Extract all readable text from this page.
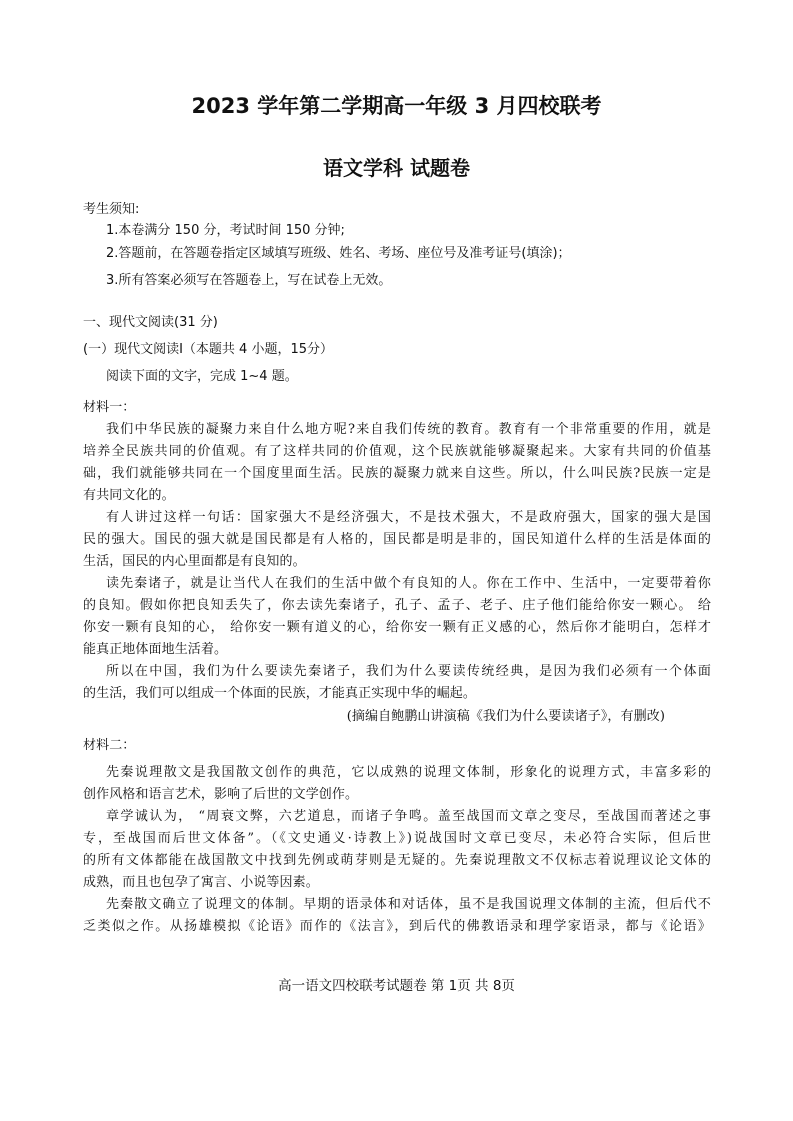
2023 学年第二学期高一年级 3 月四校联考
语文学科 试题卷
考生须知:
1.本卷满分 150 分，考试时间 150 分钟;
2.答题前，在答题卷指定区域填写班级、姓名、考场、座位号及准考证号(填涂)；
3.所有答案必须写在答题卷上，写在试卷上无效。
一、现代文阅读(31 分)
(一）现代文阅读Ⅰ（本题共 4 小题，15分）
阅读下面的文字，完成 1~4 题。
材料一：
我们中华民族的凝聚力来自什么地方呢?来自我们传统的教育。教育有一个非常重要的作用，就是
培养全民族共同的价值观。有了这样共同的价值观，这个民族就能够凝聚起来。大家有共同的价值基
础，我们就能够共同在一个国度里面生活。民族的凝聚力就来自这些。所以，什么叫民族?民族一定是
有共同文化的。
有人讲过这样一句话：国家强大不是经济强大，不是技术强大，不是政府强大，国家的强大是国
民的强大。国民的强大就是国民都是有人格的，国民都是明是非的，国民知道什么样的生活是体面的
生活，国民的内心里面都是有良知的。
读先秦诸子，就是让当代人在我们的生活中做个有良知的人。你在工作中、生活中，一定要带着你
的良知。假如你把良知丢失了，你去读先秦诸子，孔子、孟子、老子、庄子他们能给你安一颗心。 给
你安一颗有良知的心， 给你安一颗有道义的心，给你安一颗有正义感的心，然后你才能明白，怎样才
能真正地体面地生活着。
所以在中国，我们为什么要读先秦诸子，我们为什么要读传统经典，是因为我们必须有一个体面
的生活，我们可以组成一个体面的民族，才能真正实现中华的崛起。
(摘编自鲍鹏山讲演稿《我们为什么要读诸子》，有删改)
材料二：
先秦说理散文是我国散文创作的典范，它以成熟的说理文体制，形象化的说理方式，丰富多彩的
创作风格和语言艺术，影响了后世的文学创作。
章学诚认为， “周衰文弊，六艺道息，而诸子争鸣。盖至战国而文章之变尽，至战国而著述之事
专，至战国而后世文体备”。（《文史通义·诗教上》)说战国时文章已变尽，未必符合实际，但后世
的所有文体都能在战国散文中找到先例或萌芽则是无疑的。先秦说理散文不仅标志着说理议论文体的
成熟，而且也包孕了寓言、小说等因素。
先秦散文确立了说理文的体制。早期的语录体和对话体，虽不是我国说理文体制的主流，但后代不
乏类似之作。从扬雄模拟《论语》而作的《法言》，到后代的佛教语录和理学家语录，都与《论语》
高一语文四校联考试题卷 第 1页 共 8页
